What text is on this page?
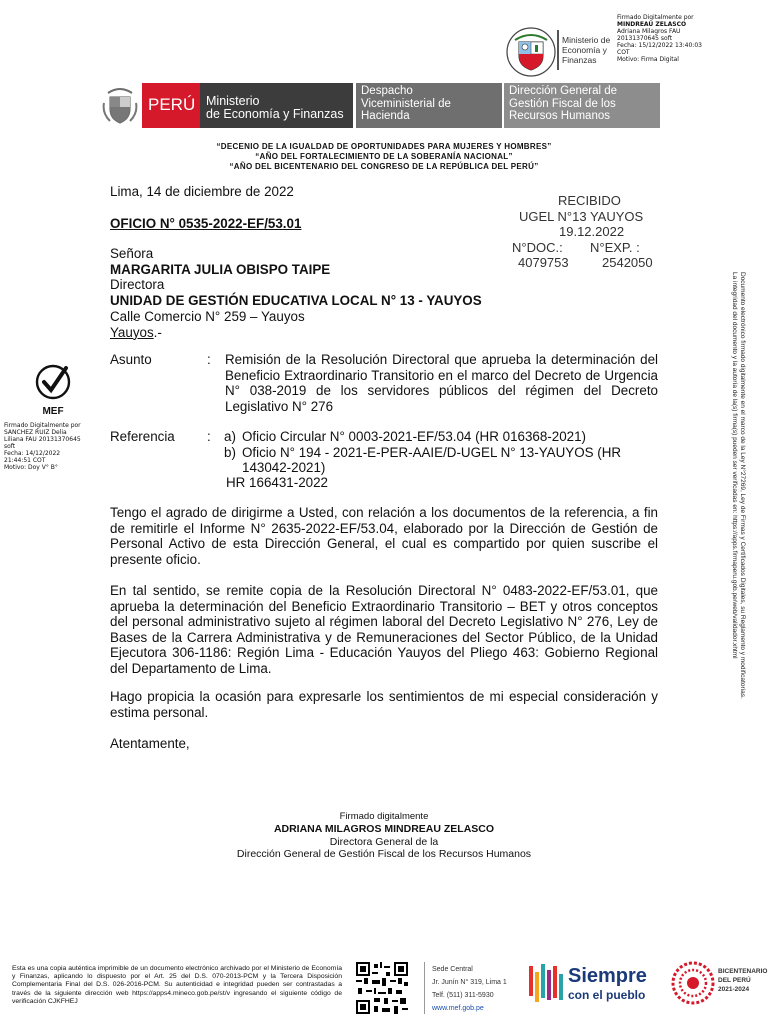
Firmado Digitalmente por
MINDREAU ZELASCO
Adriana Milagros FAU
20131370645 soft
Fecha: 15/12/2022 13:40:03
COT
Motivo: Firma Digital
Ministerio de Economía y Finanzas
PERÚ Ministerio
de Economía y Finanzas
Despacho
Viceministerial de
Hacienda
Dirección General de
Gestión Fiscal de los
Recursos Humanos
“DECENIO DE LA IGUALDAD DE OPORTUNIDADES PARA MUJERES Y HOMBRES”
“AÑO DEL FORTALECIMIENTO DE LA SOBERANÍA NACIONAL”
“AÑO DEL BICENTENARIO DEL CONGRESO DE LA REPÚBLICA DEL PERÚ”
Lima, 14 de diciembre de 2022
OFICIO N° 0535-2022-EF/53.01
RECIBIDO
UGEL N°13 YAUYOS
19.12.2022
N°DOC.: N°EXP. :
4079753	2542050
Señora
MARGARITA JULIA OBISPO TAIPE
Directora
UNIDAD DE GESTIÓN EDUCATIVA LOCAL N° 13 - YAUYOS
Calle Comercio N° 259 – Yauyos
Yauyos.-
MEF
Firmado Digitalmente por
SANCHEZ RUIZ Delia
Liliana FAU 20131370645
soft
Fecha: 14/12/2022
21:44:51 COT
Motivo: Doy V° B°
Asunto	: Remisión de la Resolución Directoral que aprueba la determinación del Beneficio Extraordinario Transitorio en el marco del Decreto de Urgencia N° 038-2019 de los servidores públicos del régimen del Decreto Legislativo N° 276
Referencia : a) Oficio Circular N° 0003-2021-EF/53.04 (HR 016368-2021)
b) Oficio N° 194 - 2021-E-PER-AAIE/D-UGEL N° 13-YAUYOS (HR
143042-2021)
HR 166431-2022
Tengo el agrado de dirigirme a Usted, con relación a los documentos de la referencia, a fin de remitirle el Informe N° 2635-2022-EF/53.04, elaborado por la Dirección de Gestión de Personal Activo de esta Dirección General, el cual es compartido por quien suscribe el presente oficio.
En tal sentido, se remite copia de la Resolución Directoral N° 0483-2022-EF/53.01, que aprueba la determinación del Beneficio Extraordinario Transitorio – BET y otros conceptos del personal administrativo sujeto al régimen laboral del Decreto Legislativo N° 276, Ley de Bases de la Carrera Administrativa y de Remuneraciones del Sector Público, de la Unidad Ejecutora 306-1186: Región Lima - Educación Yauyos del Pliego 463: Gobierno Regional del Departamento de Lima.
Hago propicia la ocasión para expresarle los sentimientos de mi especial consideración y estima personal.
Atentamente,
Firmado digitalmente
ADRIANA MILAGROS MINDREAU ZELASCO
Directora General de la
Dirección General de Gestión Fiscal de los Recursos Humanos
Documento electrónico firmado digitalmente en el marco de la Ley N°27269, Ley de Firmas y Certificados Digitales, su Reglamento y modificatorias.
La integridad del documento y la autoría de la(s) firma(s) pueden ser verificadas en: https://apps.firmaperu.gob.pe/web/validador.xhtml
Esta es una copia auténtica imprimible de un documento electrónico archivado por el Ministerio de Economía y Finanzas, aplicando lo dispuesto por el Art. 25 del D.S. 070-2013-PCM y la Tercera Disposición Complementaria Final del D.S. 026-2016-PCM. Su autenticidad e integridad pueden ser contrastadas a través de la siguiente dirección web https://apps4.mineco.gob.pe/st/v ingresando el siguiente código de verificación CJKFHEJ
Sede Central
Jr. Junín N° 319, Lima 1
Telf. (511) 311-5930
www.mef.gob.pe
Siempre
con el pueblo
BICENTENARIO
DEL PERÚ
2021-2024
